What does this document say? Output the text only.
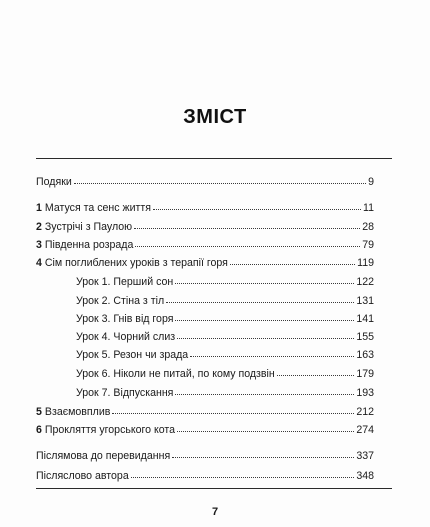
ЗМІСТ
Подяки	9
1 Матуся та сенс життя	11
2 Зустрічі з Паулою	28
3 Південна розрада	79
4 Сім поглиблених уроків з терапії горя	119
Урок 1. Перший сон	122
Урок 2. Стіна з тіл	131
Урок 3. Гнів від горя	141
Урок 4. Чорний слиз	155
Урок 5. Резон чи зрада	163
Урок 6. Ніколи не питай, по кому подзвін	179
Урок 7. Відпускання	193
5 Взаємовплив	212
6 Прокляття угорського кота	274
Післямова до перевидання	337
Післяслово автора	348
7
